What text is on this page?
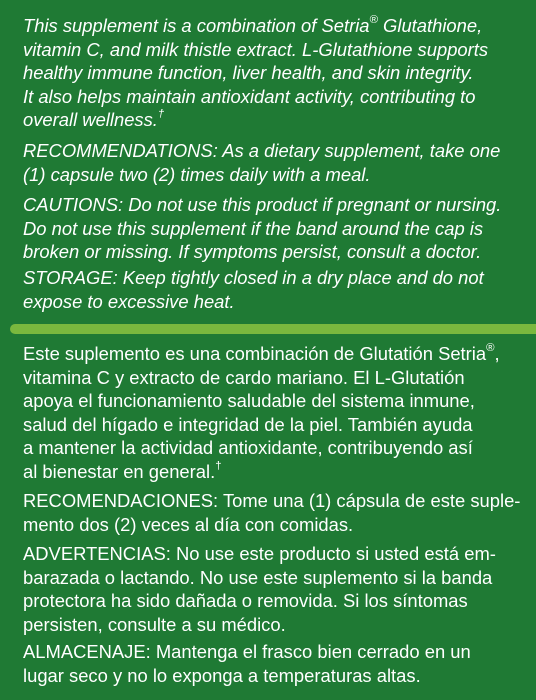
This supplement is a combination of Setria® Glutathione,
vitamin C, and milk thistle extract. L-Glutathione supports
healthy immune function, liver health, and skin integrity.
It also helps maintain antioxidant activity, contributing to
overall wellness.†

RECOMMENDATIONS: As a dietary supplement, take one
(1) capsule two (2) times daily with a meal.

CAUTIONS: Do not use this product if pregnant or nursing.
Do not use this supplement if the band around the cap is
broken or missing. If symptoms persist, consult a doctor.

STORAGE: Keep tightly closed in a dry place and do not
expose to excessive heat.

Este suplemento es una combinación de Glutatión Setria®,
vitamina C y extracto de cardo mariano. El L-Glutatión
apoya el funcionamiento saludable del sistema inmune,
salud del hígado e integridad de la piel. También ayuda
a mantener la actividad antioxidante, contribuyendo así
al bienestar en general.†

RECOMENDACIONES: Tome una (1) cápsula de este suple-
mento dos (2) veces al día con comidas.

ADVERTENCIAS: No use este producto si usted está em-
barazada o lactando. No use este suplemento si la banda
protectora ha sido dañada o removida. Si los síntomas
persisten, consulte a su médico.

ALMACENAJE: Mantenga el frasco bien cerrado en un
lugar seco y no lo exponga a temperaturas altas.
